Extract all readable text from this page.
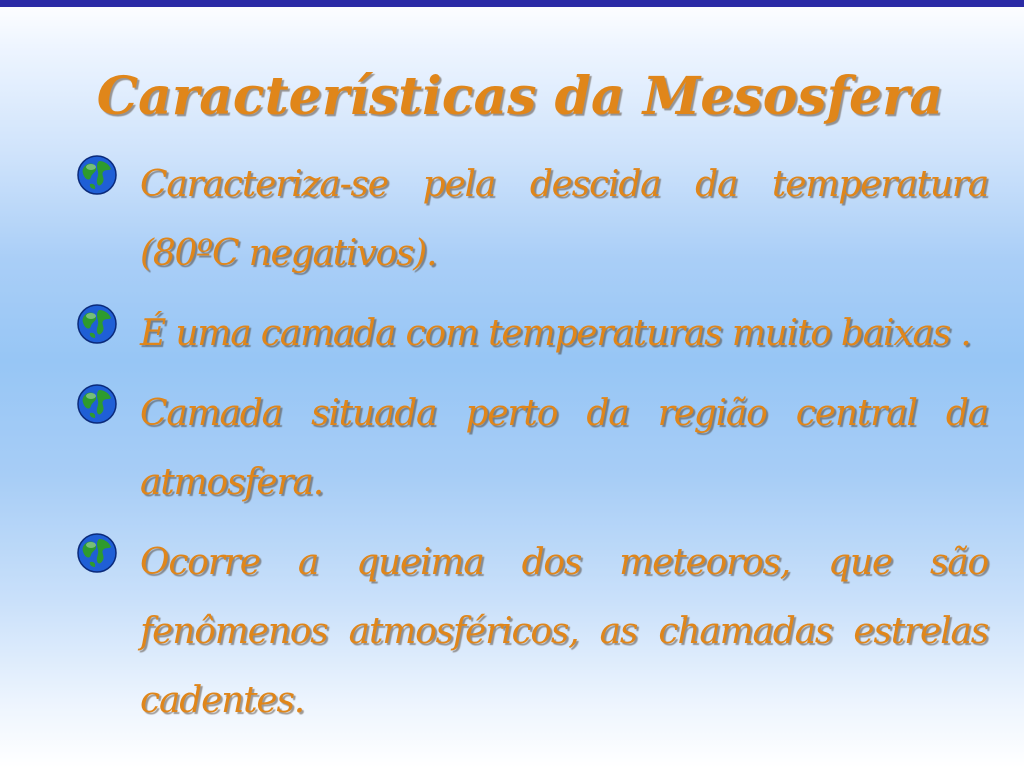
Características da Mesosfera
Caracteriza-se pela descida da temperatura (80ºC negativos).
É uma camada com temperaturas muito baixas .
Camada situada perto da região central da atmosfera.
Ocorre a queima dos meteoros, que são fenômenos atmosféricos, as chamadas estrelas cadentes.
